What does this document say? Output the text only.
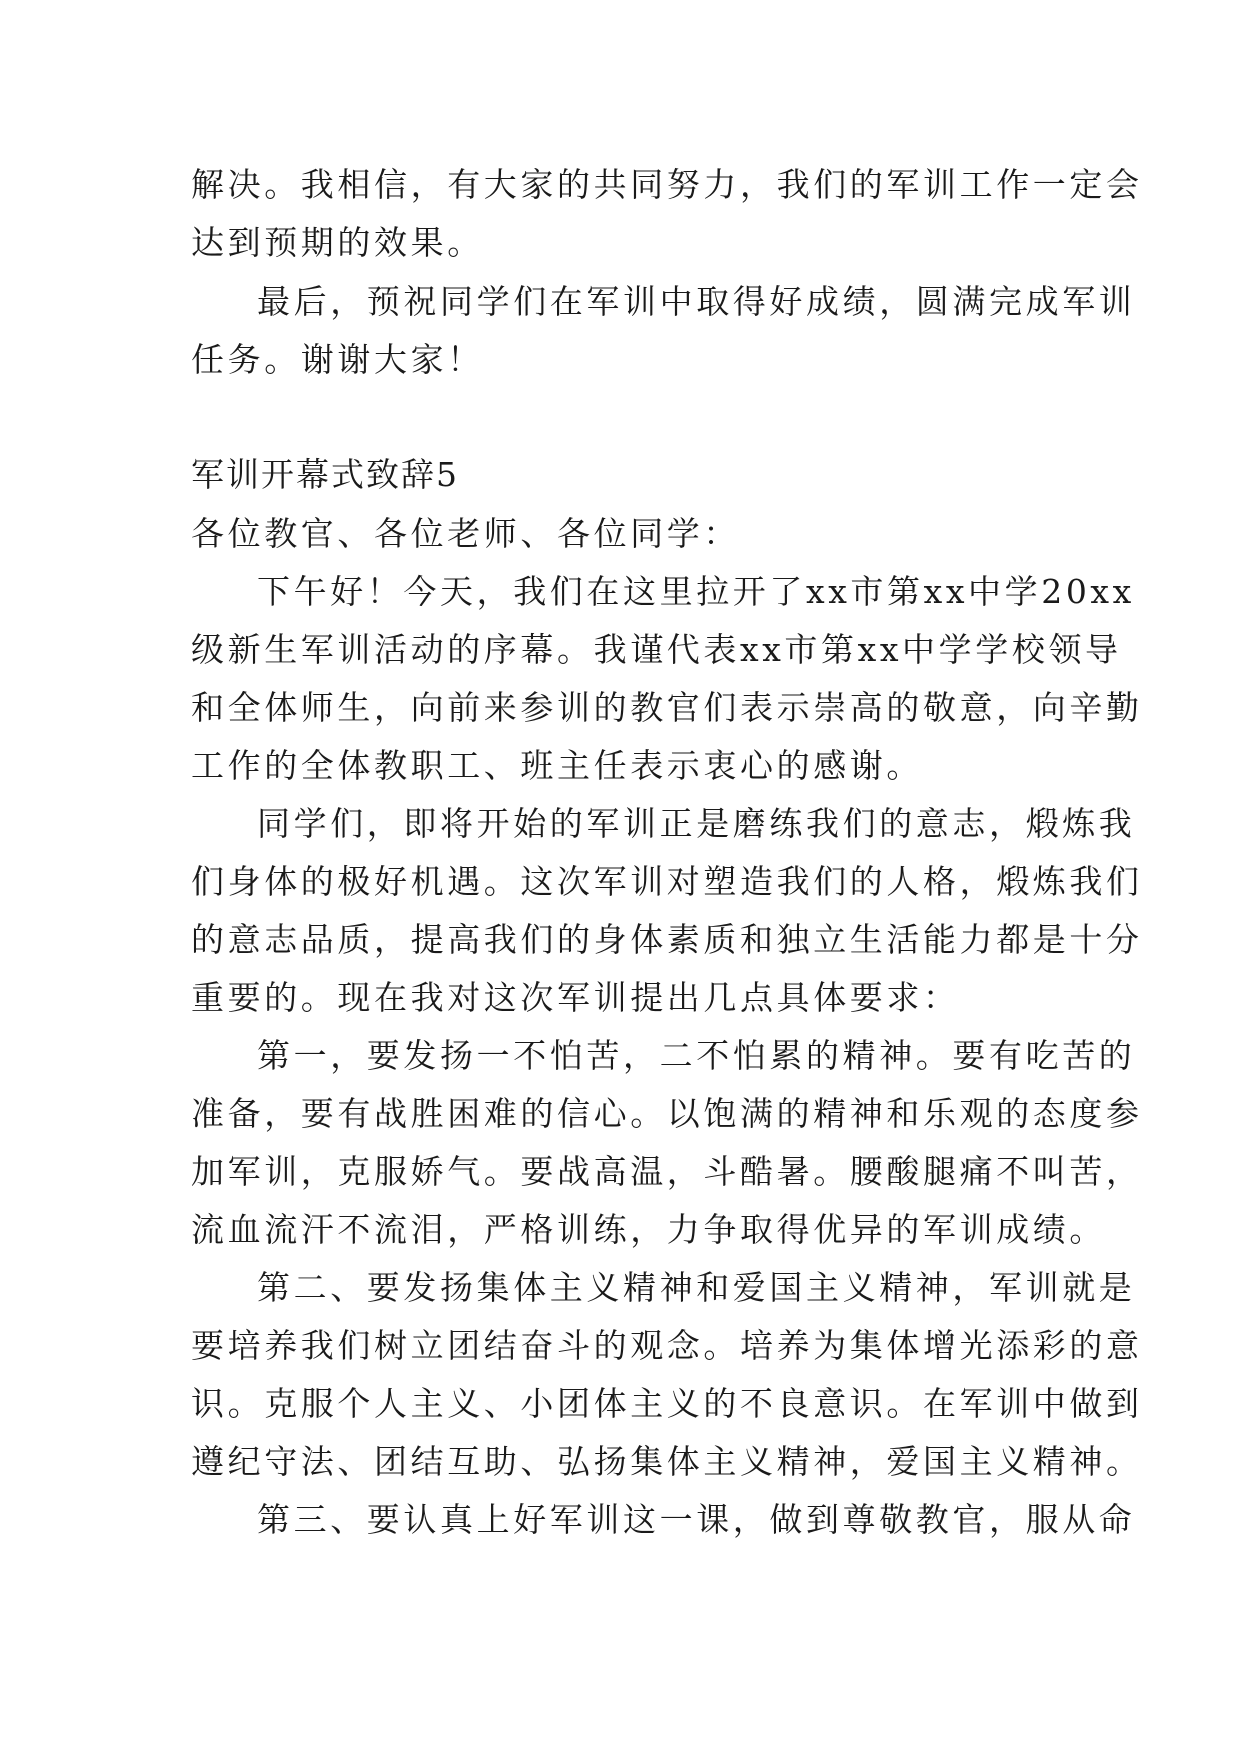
解决。我相信，有大家的共同努力，我们的军训工作一定会
达到预期的效果。
最后，预祝同学们在军训中取得好成绩，圆满完成军训
任务。谢谢大家！
军训开幕式致辞5
各位教官、各位老师、各位同学：
下午好！今天，我们在这里拉开了xx市第xx中学20xx
级新生军训活动的序幕。我谨代表xx市第xx中学学校领导
和全体师生，向前来参训的教官们表示崇高的敬意，向辛勤
工作的全体教职工、班主任表示衷心的感谢。
同学们，即将开始的军训正是磨练我们的意志，煅炼我
们身体的极好机遇。这次军训对塑造我们的人格，煅炼我们
的意志品质，提高我们的身体素质和独立生活能力都是十分
重要的。现在我对这次军训提出几点具体要求：
第一，要发扬一不怕苦，二不怕累的精神。要有吃苦的
准备，要有战胜困难的信心。以饱满的精神和乐观的态度参
加军训，克服娇气。要战高温，斗酷暑。腰酸腿痛不叫苦，
流血流汗不流泪，严格训练，力争取得优异的军训成绩。
第二、要发扬集体主义精神和爱国主义精神，军训就是
要培养我们树立团结奋斗的观念。培养为集体增光添彩的意
识。克服个人主义、小团体主义的不良意识。在军训中做到
遵纪守法、团结互助、弘扬集体主义精神，爱国主义精神。
第三、要认真上好军训这一课，做到尊敬教官，服从命
